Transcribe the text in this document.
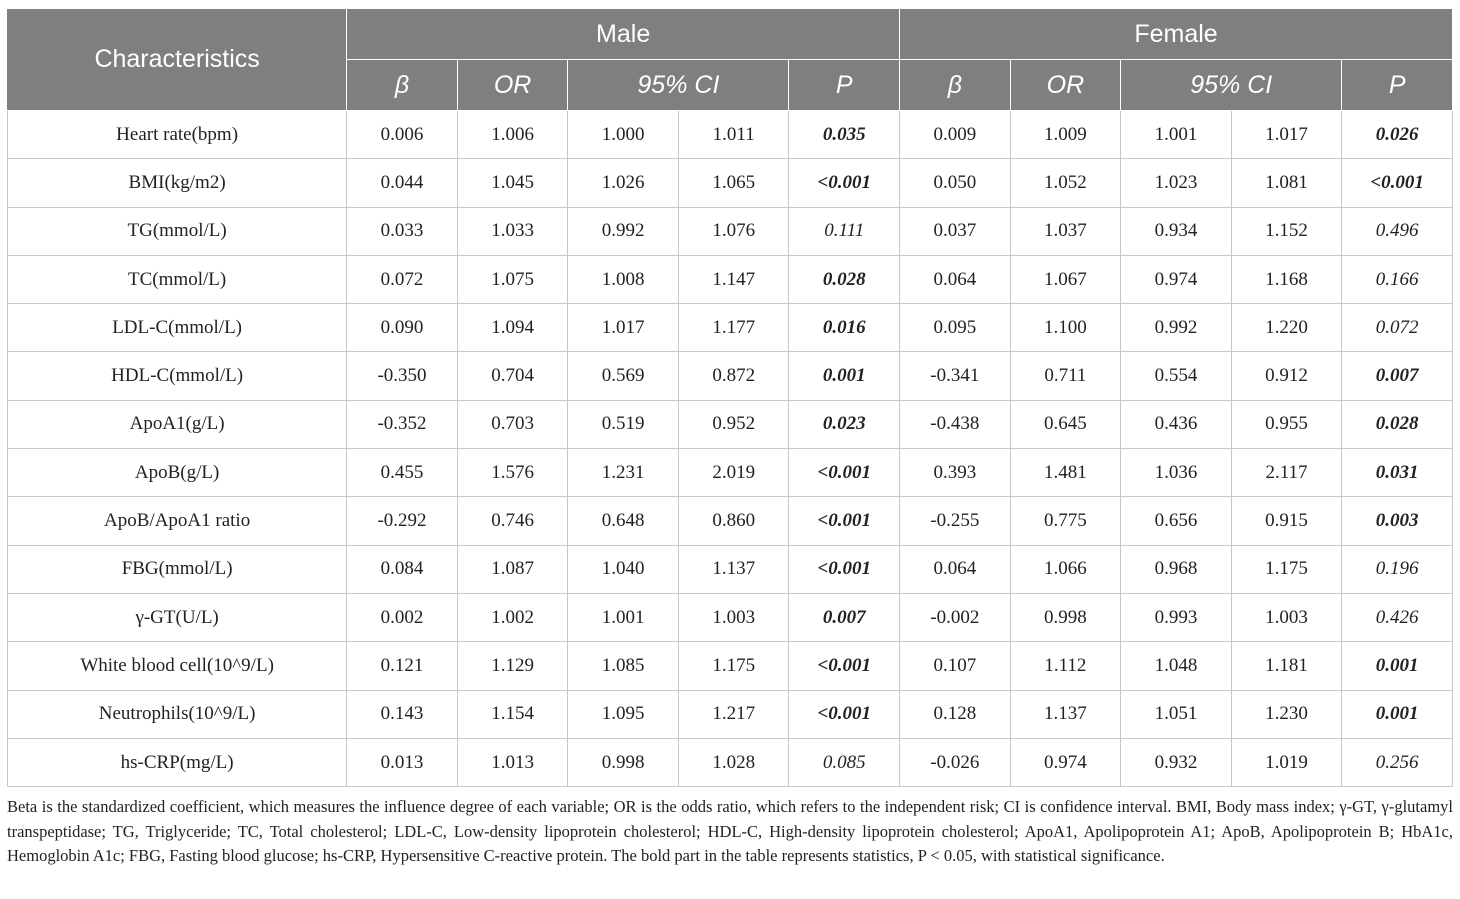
Characteristics	Male					Female				
	β	OR	95% CI		P	β	OR	95% CI		P
Heart rate(bpm)	0.006	1.006	1.000	1.011	0.035	0.009	1.009	1.001	1.017	0.026
BMI(kg/m2)	0.044	1.045	1.026	1.065	<0.001	0.050	1.052	1.023	1.081	<0.001
TG(mmol/L)	0.033	1.033	0.992	1.076	0.111	0.037	1.037	0.934	1.152	0.496
TC(mmol/L)	0.072	1.075	1.008	1.147	0.028	0.064	1.067	0.974	1.168	0.166
LDL-C(mmol/L)	0.090	1.094	1.017	1.177	0.016	0.095	1.100	0.992	1.220	0.072
HDL-C(mmol/L)	-0.350	0.704	0.569	0.872	0.001	-0.341	0.711	0.554	0.912	0.007
ApoA1(g/L)	-0.352	0.703	0.519	0.952	0.023	-0.438	0.645	0.436	0.955	0.028
ApoB(g/L)	0.455	1.576	1.231	2.019	<0.001	0.393	1.481	1.036	2.117	0.031
ApoB/ApoA1 ratio	-0.292	0.746	0.648	0.860	<0.001	-0.255	0.775	0.656	0.915	0.003
FBG(mmol/L)	0.084	1.087	1.040	1.137	<0.001	0.064	1.066	0.968	1.175	0.196
γ-GT(U/L)	0.002	1.002	1.001	1.003	0.007	-0.002	0.998	0.993	1.003	0.426
White blood cell(10^9/L)	0.121	1.129	1.085	1.175	<0.001	0.107	1.112	1.048	1.181	0.001
Neutrophils(10^9/L)	0.143	1.154	1.095	1.217	<0.001	0.128	1.137	1.051	1.230	0.001
hs-CRP(mg/L)	0.013	1.013	0.998	1.028	0.085	-0.026	0.974	0.932	1.019	0.256
Beta is the standardized coefficient, which measures the influence degree of each variable; OR is the odds ratio, which refers to the independent risk; CI is confidence interval. BMI, Body mass index; γ-GT, γ-glutamyl transpeptidase; TG, Triglyceride; TC, Total cholesterol; LDL-C, Low-density lipoprotein cholesterol; HDL-C, High-density lipoprotein cholesterol; ApoA1, Apolipoprotein A1; ApoB, Apolipoprotein B; HbA1c, Hemoglobin A1c; FBG, Fasting blood glucose; hs-CRP, Hypersensitive C-reactive protein. The bold part in the table represents statistics, P < 0.05, with statistical significance.
